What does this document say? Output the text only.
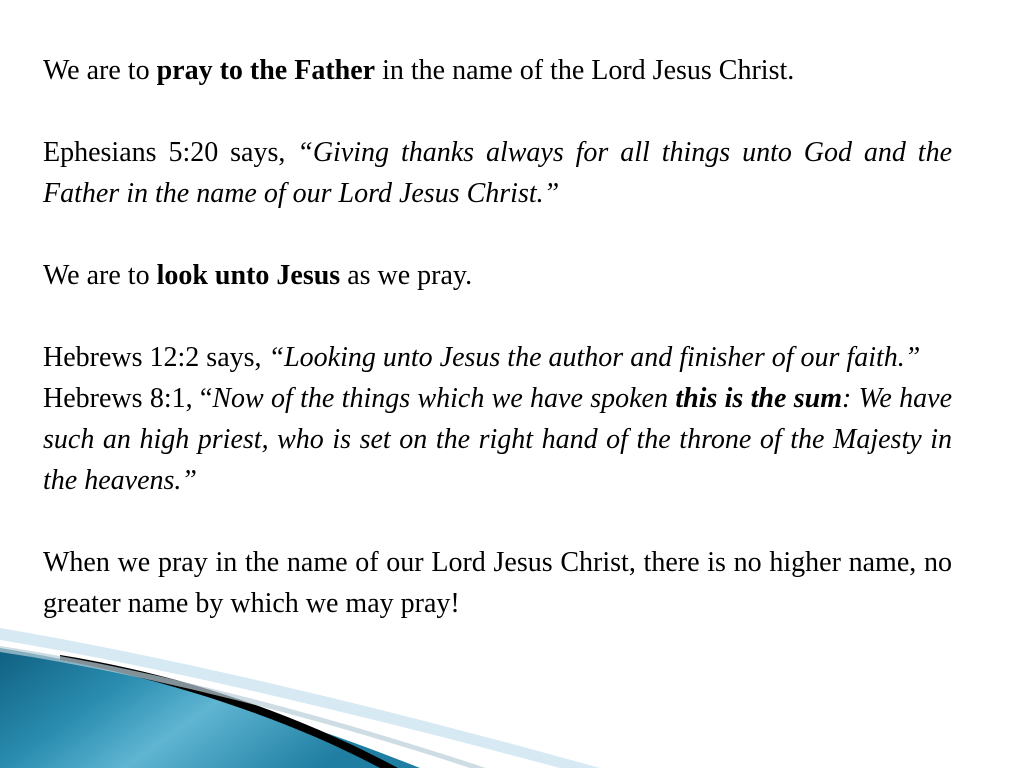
We are to pray to the Father in the name of the Lord Jesus Christ.

Ephesians 5:20 says, “Giving thanks always for all things unto God and the Father in the name of our Lord Jesus Christ.”

We are to look unto Jesus as we pray.

Hebrews 12:2 says, “Looking unto Jesus the author and finisher of our faith.”

Hebrews 8:1, “Now of the things which we have spoken this is the sum: We have such an high priest, who is set on the right hand of the throne of the Majesty in the heavens.”

When we pray in the name of our Lord Jesus Christ, there is no higher name, no greater name by which we may pray!
